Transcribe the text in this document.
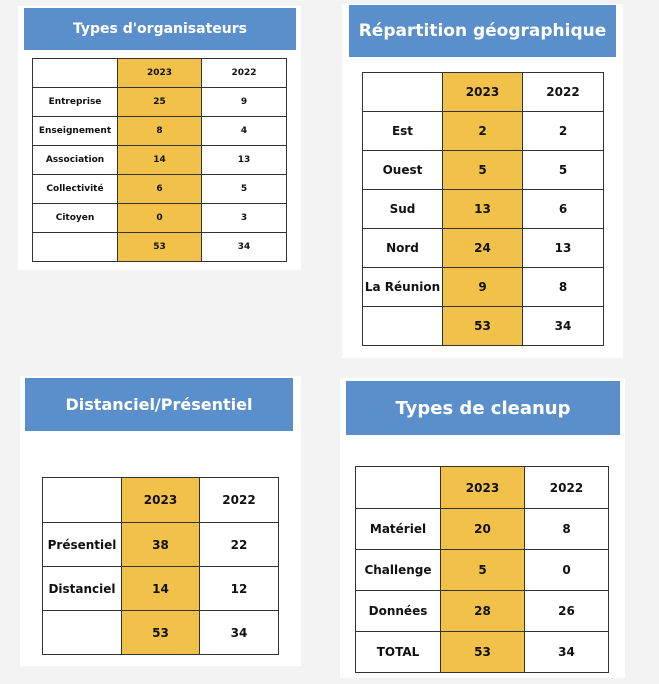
Types d'organisateurs
	2023	2022
Entreprise	25	9
Enseignement	8	4
Association	14	13
Collectivité	6	5
Citoyen	0	3
	53	34
Répartition géographique
	2023	2022
Est	2	2
Ouest	5	5
Sud	13	6
Nord	24	13
La Réunion	9	8
	53	34
Distanciel/Présentiel
	2023	2022
Présentiel	38	22
Distanciel	14	12
	53	34
Types de cleanup
	2023	2022
Matériel	20	8
Challenge	5	0
Données	28	26
TOTAL	53	34
